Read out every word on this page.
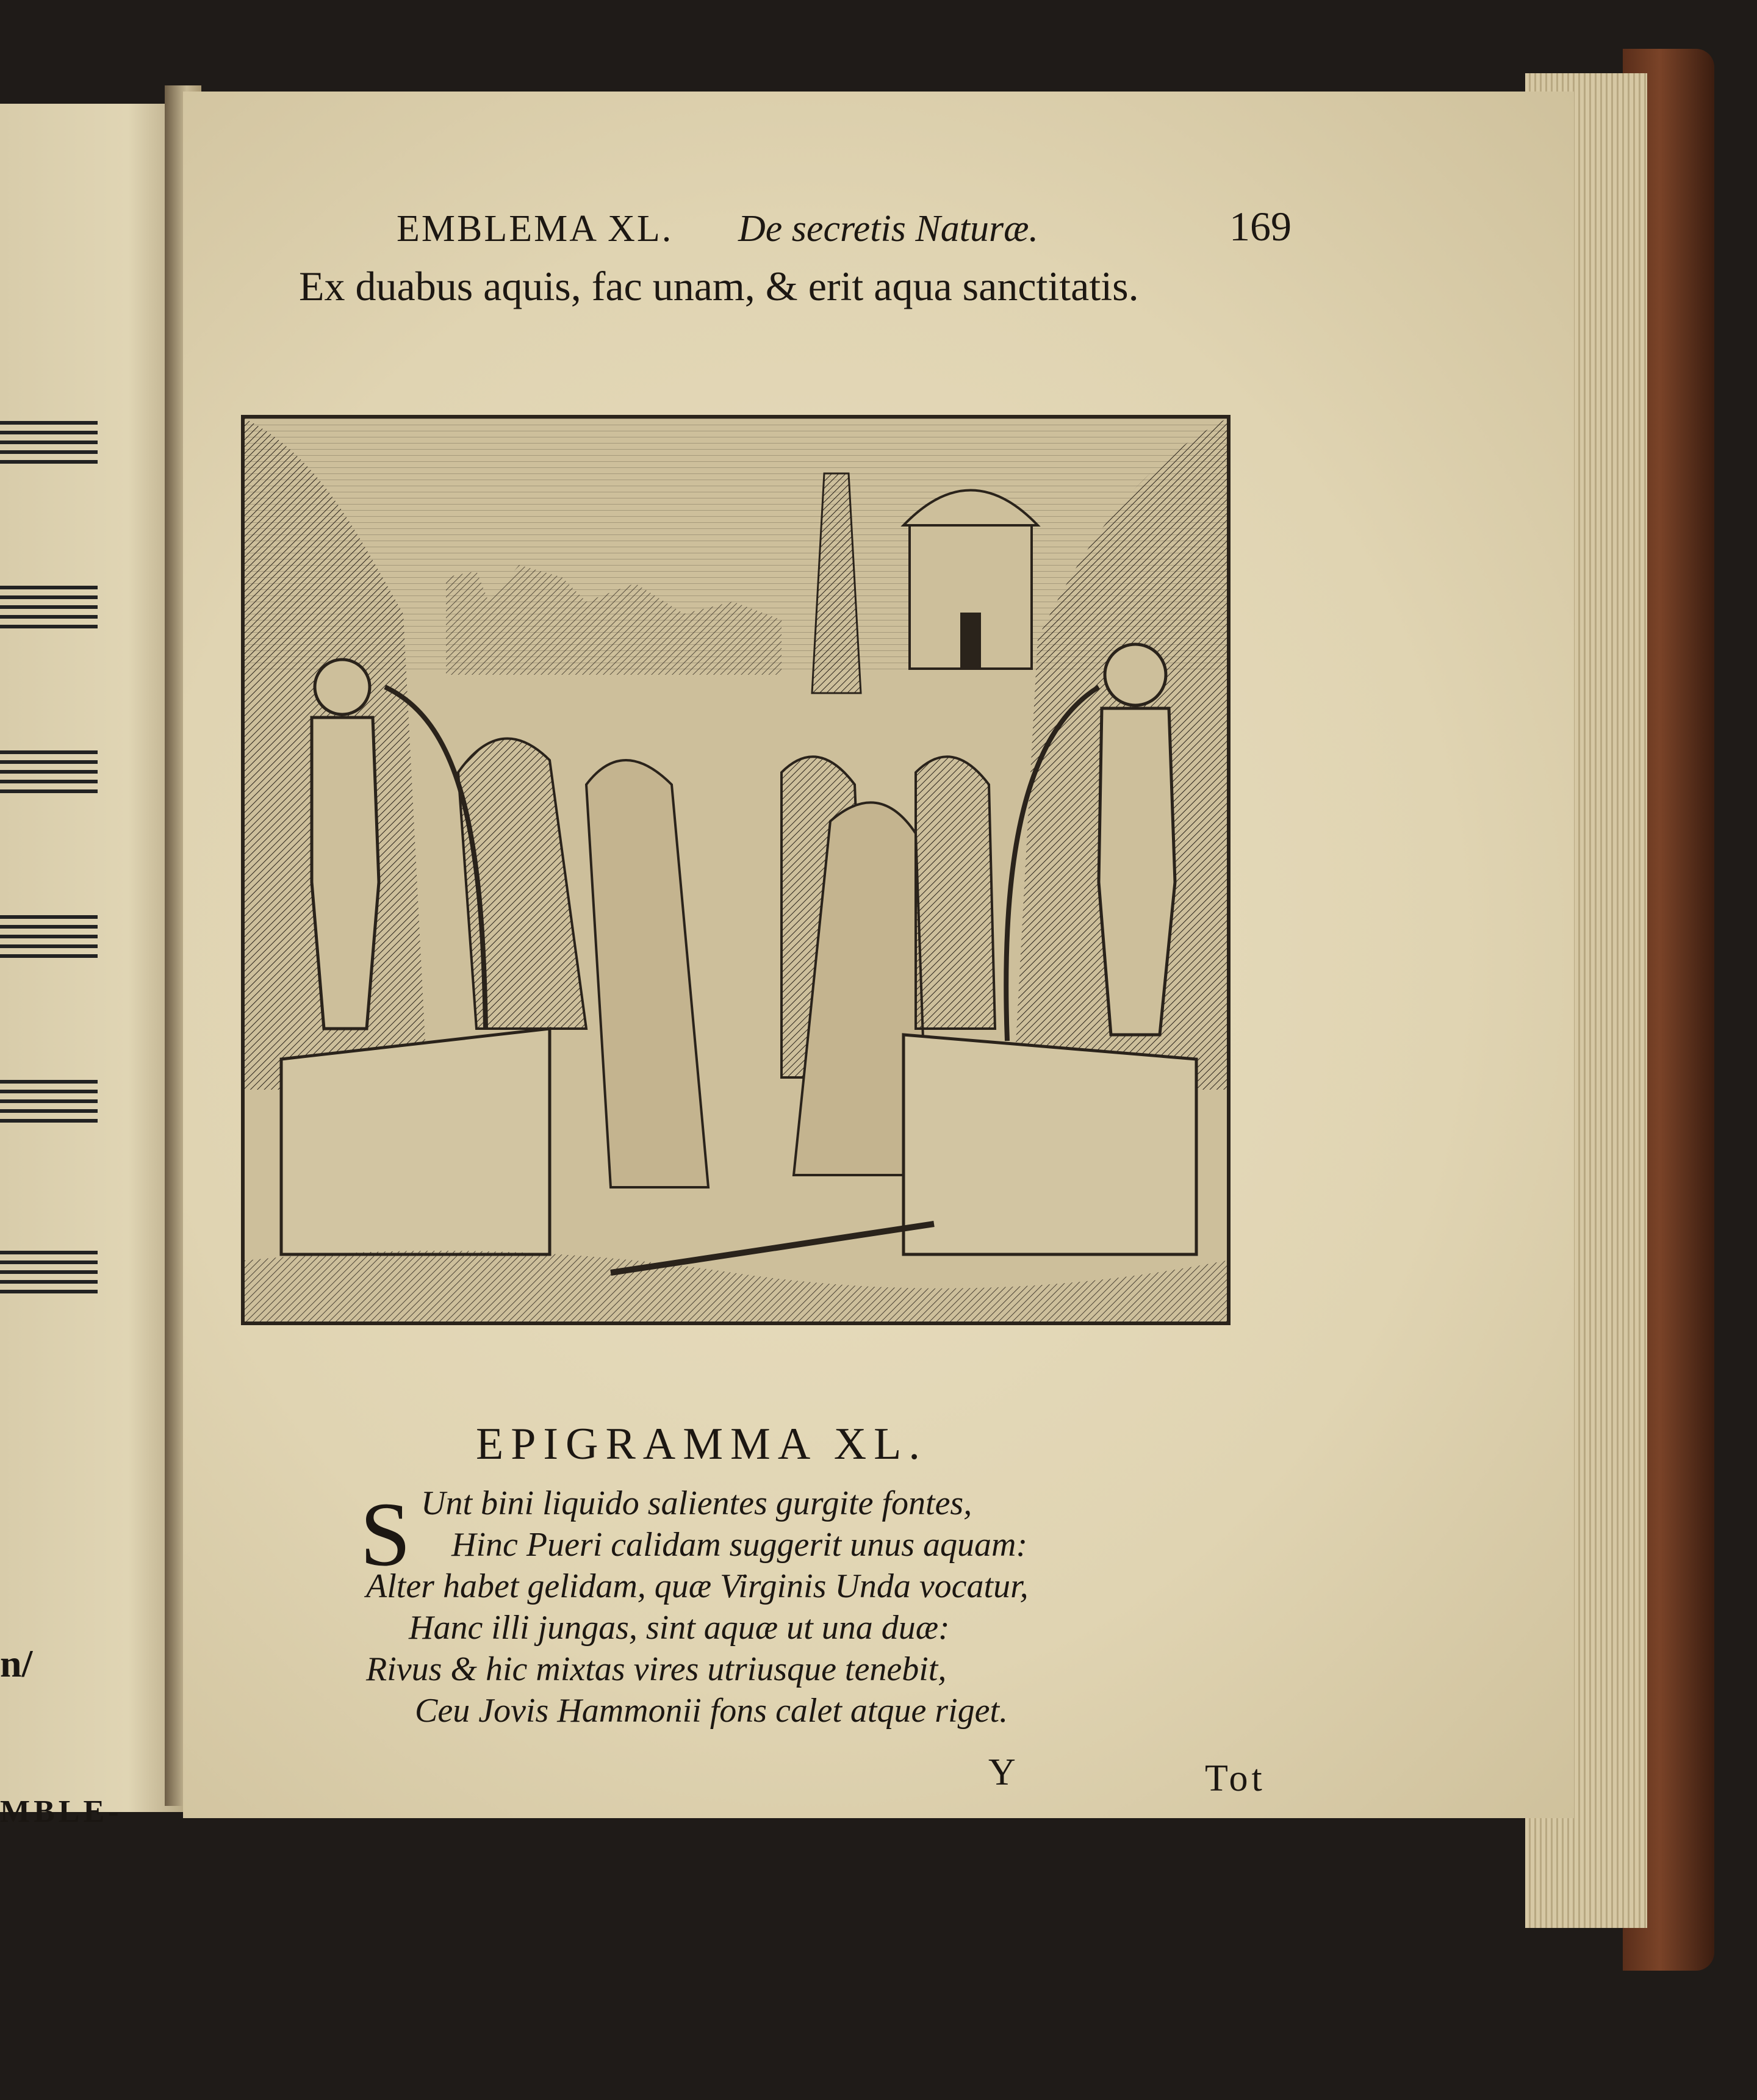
n/
MBLE-
EMBLEMA XL. De secretis Naturæ.	169
Ex duabus aquis, fac unam, & erit aqua sanctitatis.
EPIGRAMMA XL.
S Unt bini liquido salientes gurgite fontes,
Hinc Pueri calidam suggerit unus aquam:
Alter habet gelidam, quæ Virginis Unda vocatur,
Hanc illi jungas, sint aquæ ut una duæ:
Rivus & hic mixtas vires utriusque tenebit,
Ceu Jovis Hammonii fons calet atque riget.
Y	Tot
